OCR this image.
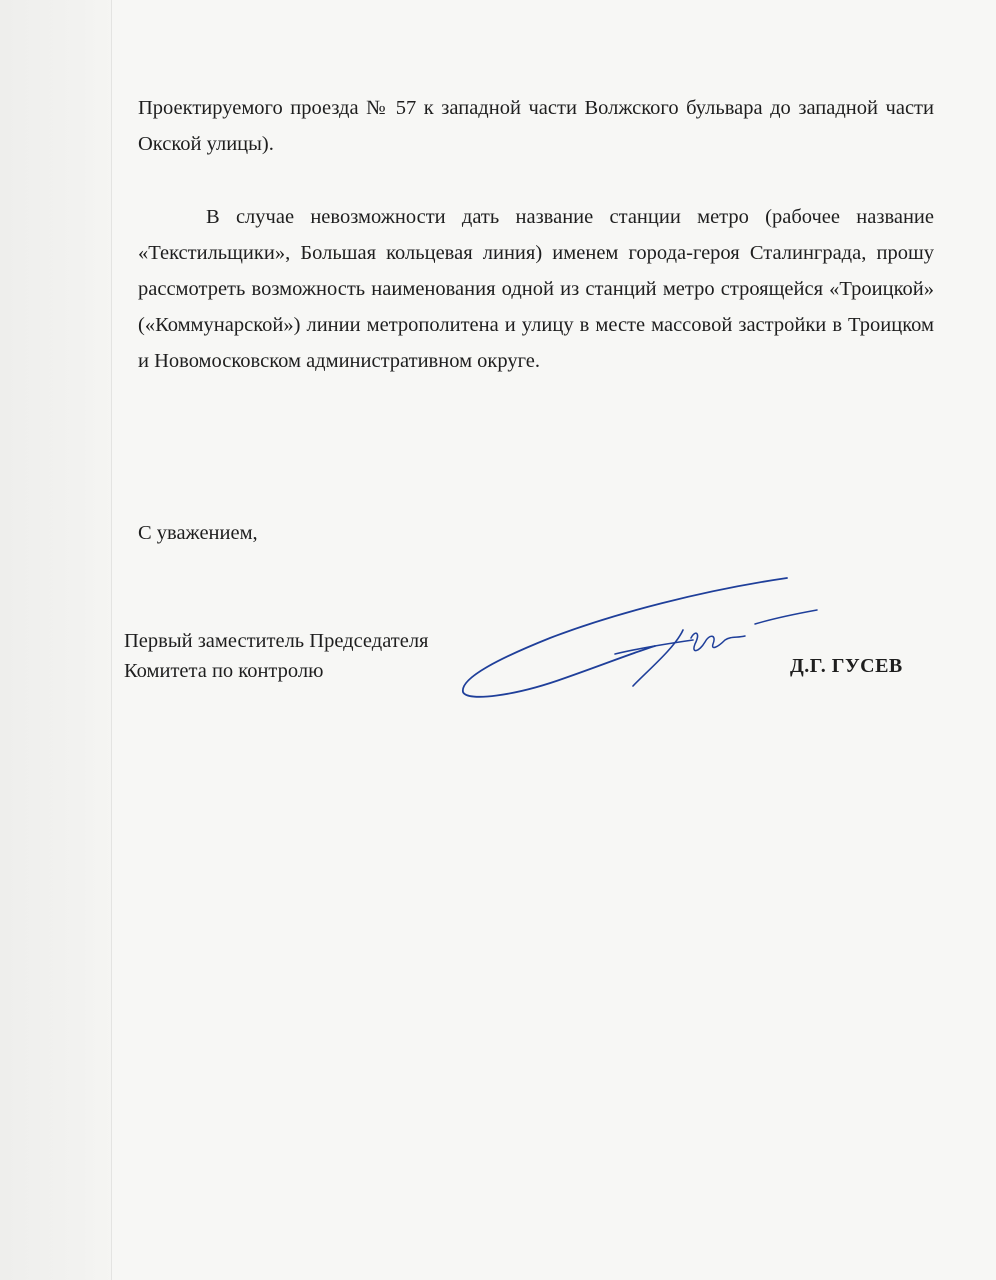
Проектируемого проезда № 57 к западной части Волжского бульвара до западной части Окской улицы).

В случае невозможности дать название станции метро (рабочее название «Текстильщики», Большая кольцевая линия) именем города-героя Сталинграда, прошу рассмотреть возможность наименования одной из станций метро строящейся «Троицкой» («Коммунарской») линии метрополитена и улицу в месте массовой застройки в Троицком и Новомосковском административном округе.

С уважением,
Первый заместитель Председателя
Комитета по контролю	Д.Г. ГУСЕВ
